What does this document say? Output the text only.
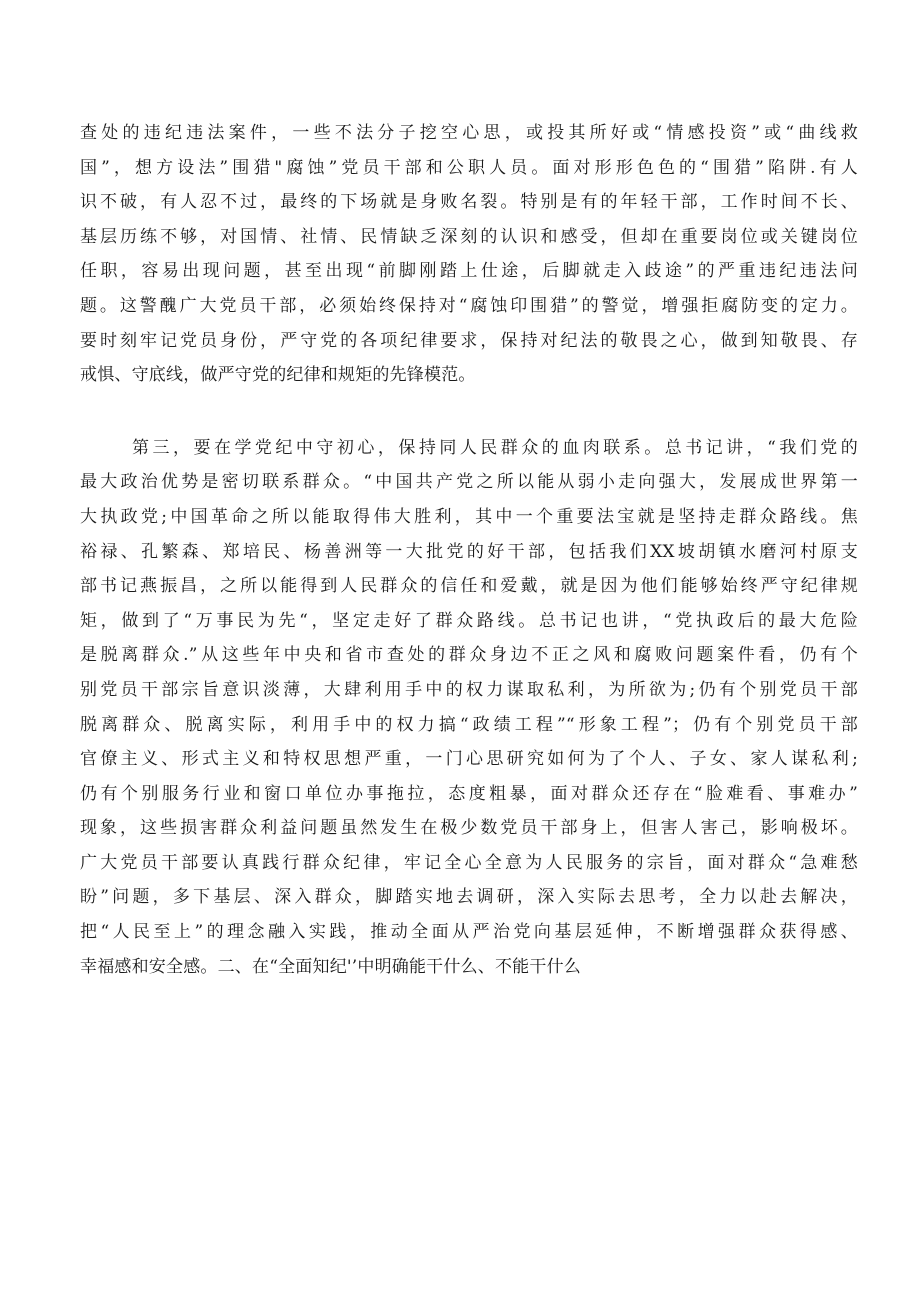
查处的违纪违法案件，一些不法分子挖空心思，或投其所好或“情感投资”或“曲线救
国”，想方设法”围猎"腐蚀”党员干部和公职人员。面对形形色色的“围猎”陷阱.有人
识不破，有人忍不过，最终的下场就是身败名裂。特别是有的年轻干部，工作时间不长、
基层历练不够，对国情、社情、民情缺乏深刻的认识和感受，但却在重要岗位或关键岗位
任职，容易出现问题，甚至出现“前脚刚踏上仕途，后脚就走入歧途”的严重违纪违法问
题。这警醜广大党员干部，必须始终保持对“腐蚀印围猎”的警觉，增强拒腐防变的定力。
要时刻牢记党员身份，严守党的各项纪律要求，保持对纪法的敬畏之心，做到知敬畏、存
戒惧、守底线，做严守党的纪律和规矩的先锋模范。

第三，要在学党纪中守初心，保持同人民群众的血肉联系。总书记讲，“我们党的
最大政治优势是密切联系群众。“中国共产党之所以能从弱小走向强大，发展成世界第一
大执政党;中国革命之所以能取得伟大胜利，其中一个重要法宝就是坚持走群众路线。焦
裕禄、孔繁森、郑培民、杨善洲等一大批党的好干部，包括我们XX坡胡镇水磨河村原支
部书记燕振昌，之所以能得到人民群众的信任和爱戴，就是因为他们能够始终严守纪律规
矩，做到了“万事民为先“，坚定走好了群众路线。总书记也讲，“党执政后的最大危险
是脱离群众.”从这些年中央和省市查处的群众身边不正之风和腐败问题案件看，仍有个
别党员干部宗旨意识淡薄，大肆利用手中的权力谋取私利，为所欲为;仍有个别党员干部
脱离群众、脱离实际，利用手中的权力搞“政绩工程”“形象工程”；仍有个别党员干部
官僚主义、形式主义和特权思想严重，一门心思研究如何为了个人、子女、家人谋私利;
仍有个别服务行业和窗口单位办事拖拉，态度粗暴，面对群众还存在“脸难看、事难办”
现象，这些损害群众利益问题虽然发生在极少数党员干部身上，但害人害己，影响极坏。
广大党员干部要认真践行群众纪律，牢记全心全意为人民服务的宗旨，面对群众“急难愁
盼”问题，多下基层、深入群众，脚踏实地去调研，深入实际去思考，全力以赴去解决，
把“人民至上”的理念融入实践，推动全面从严治党向基层延伸，不断增强群众获得感、
幸福感和安全感。二、在“全面知纪'’中明确能干什么、不能干什么
